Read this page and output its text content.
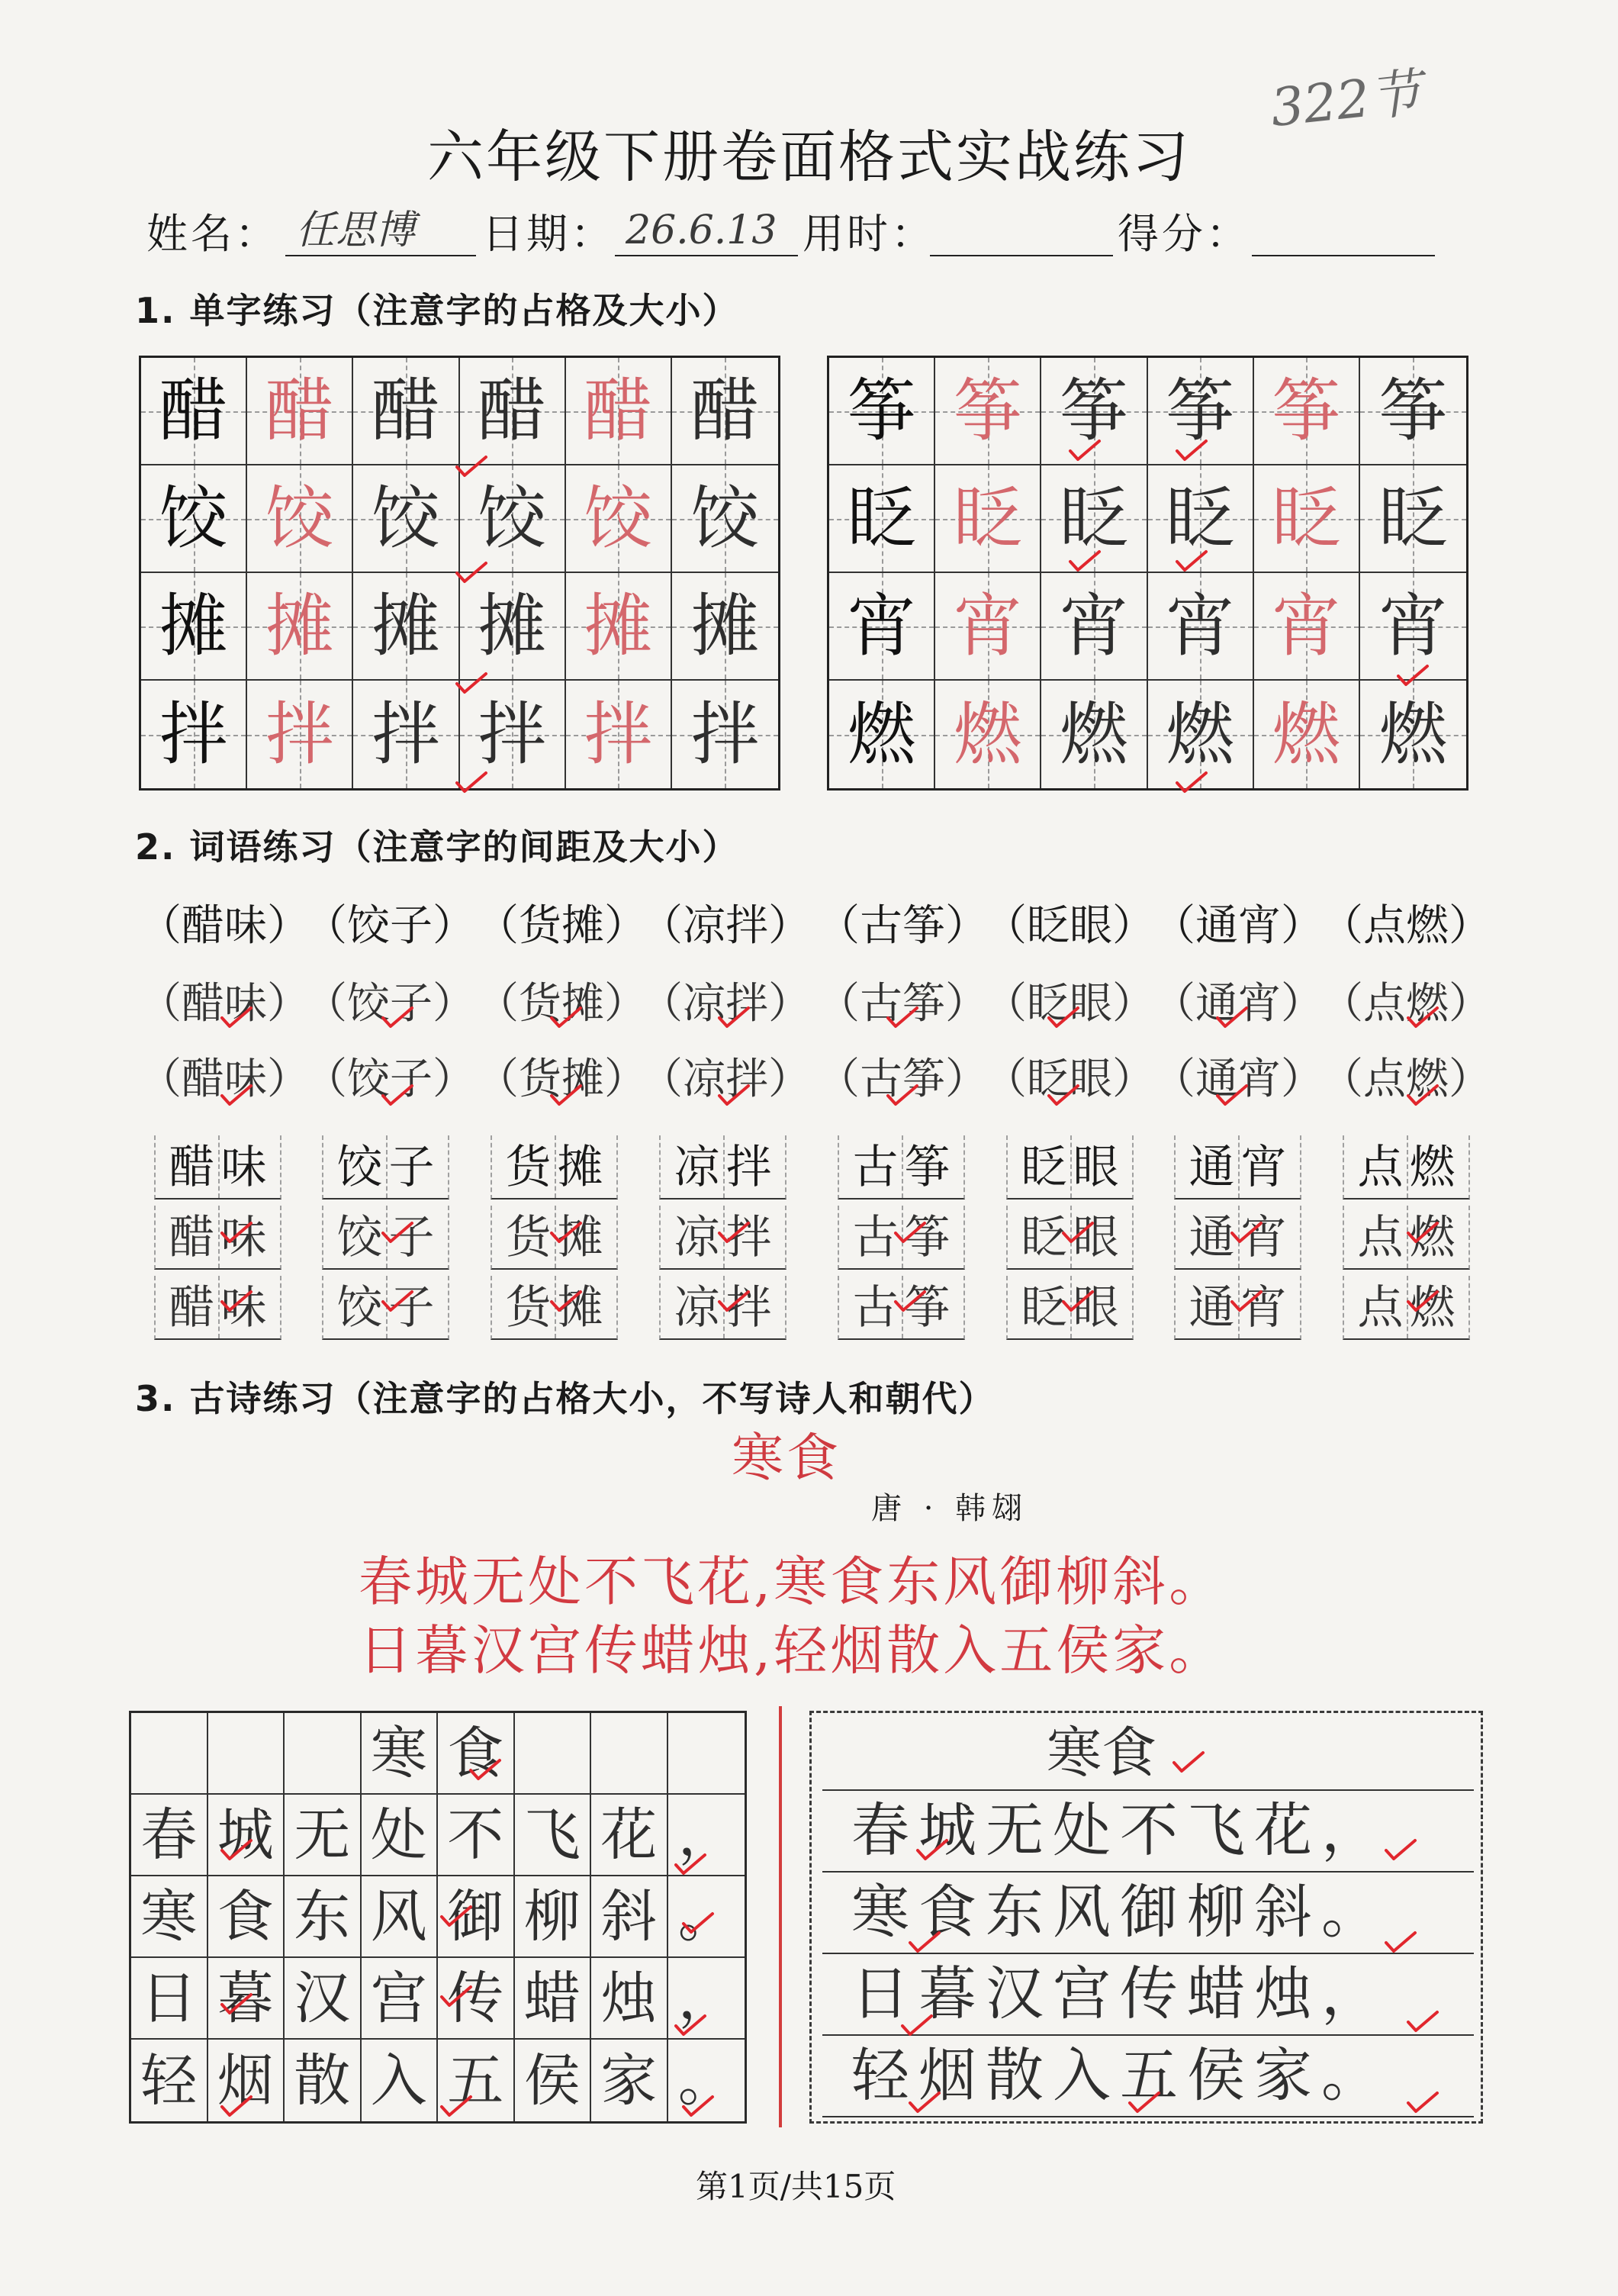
322节
六年级下册卷面格式实战练习
姓名： 任思博	日期： 26.6.13 用时：	得分：
1. 单字练习（注意字的占格及大小）
醋 醋 醋 醋 醋 醋
饺 饺 饺 饺 饺 饺
摊 摊 摊 摊 摊 摊
拌 拌 拌 拌 拌 拌
筝 筝 筝 筝 筝 筝
眨 眨 眨 眨 眨 眨
宵 宵 宵 宵 宵 宵
燃 燃 燃 燃 燃 燃
2. 词语练习（注意字的间距及大小）
（醋味）
（饺子） （货摊）
（凉拌） （古筝）
（眨眼）
（通宵）
（点燃）
（醋味）
（饺子） （货摊）
（凉拌） （古筝）
（眨眼）
（通宵）
（点燃）
（醋味）
（饺子） （货摊）
（凉拌） （古筝）
（眨眼）
（通宵）
（点燃）
醋味 饺子 货摊 凉拌 古筝 眨眼 通宵 点燃
醋味 饺子 货摊 凉拌 古筝 眨眼 通宵 点燃
醋味 饺子 货摊 凉拌 古筝 眨眼 通宵 点燃
3. 古诗练习（注意字的占格大小，不写诗人和朝代）
寒食
唐 · 韩翃
春城无处不飞花,寒食东风御柳斜。
日暮汉宫传蜡烛,轻烟散入五侯家。
寒 食
春 城 无 处 不 飞 花 ，
寒 食 东 风 御 柳 斜 。
日 暮 汉 宫 传 蜡 烛 ，
轻 烟 散 入 五 侯 家 。
寒食
春城无处不飞花，
寒食东风御柳斜。
日暮汉宫传蜡烛，
轻烟散入五侯家。
第1页/共15页
